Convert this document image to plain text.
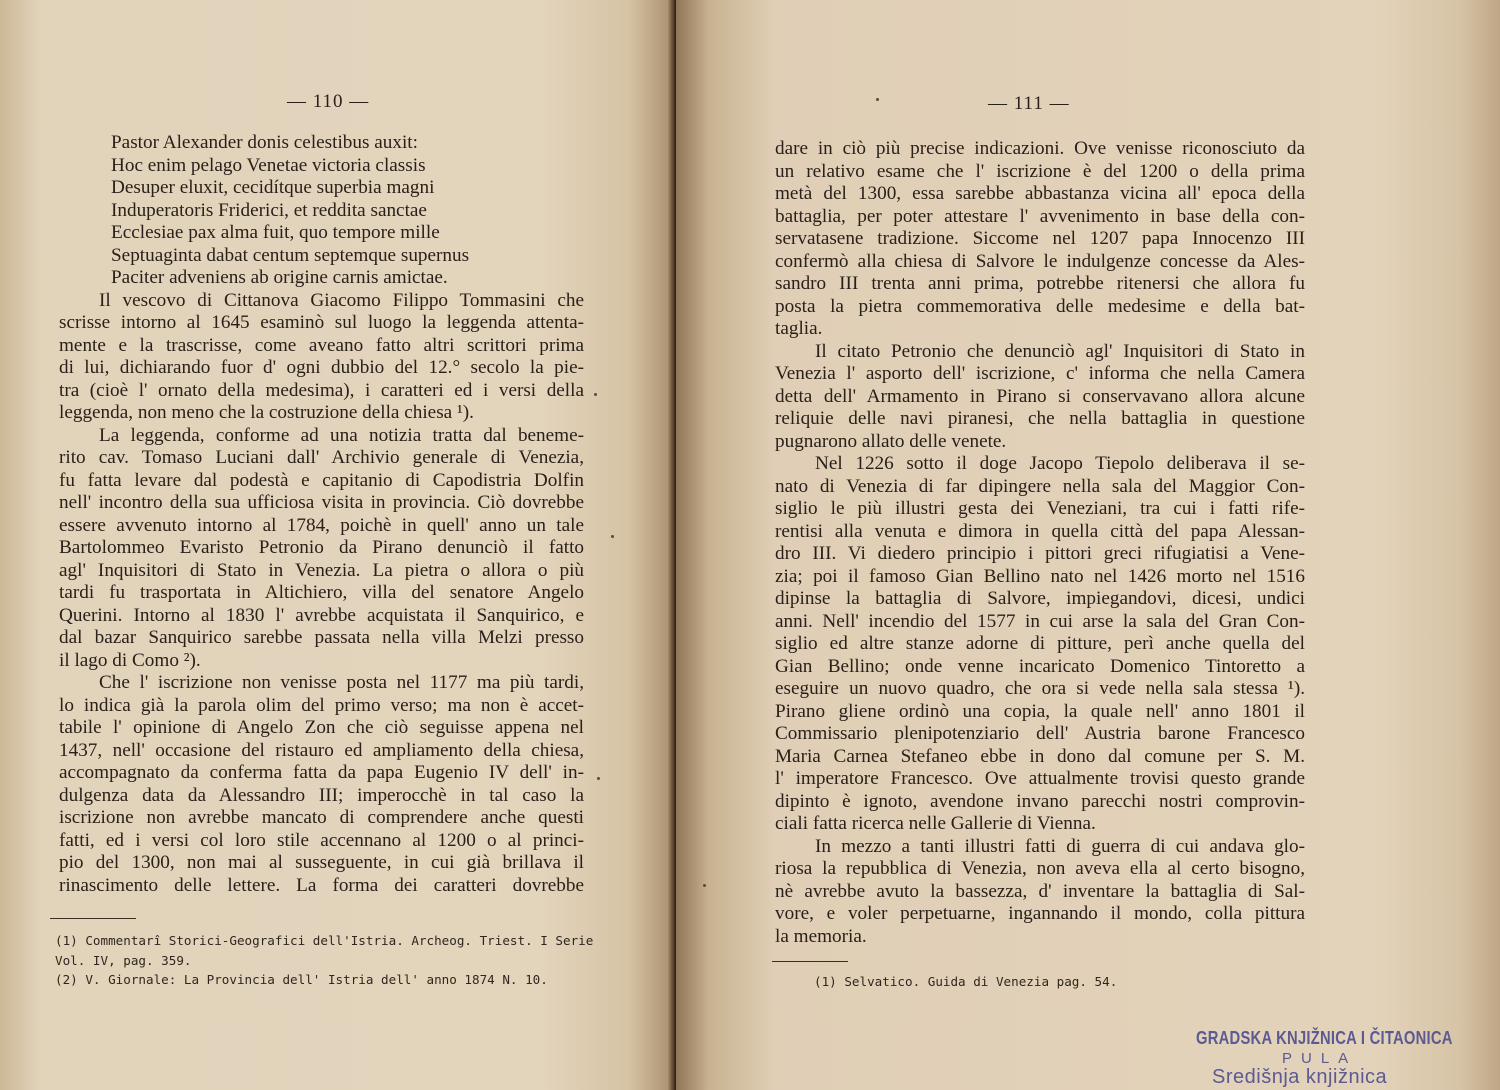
— 110 —
Pastor Alexander donis celestibus auxit:
Hoc enim pelago Venetae victoria classis
Desuper eluxit, cecidítque superbia magni
Induperatoris Friderici, et reddita sanctae
Ecclesiae pax alma fuit, quo tempore mille
Septuaginta dabat centum septemque supernus
Paciter adveniens ab origine carnis amictae.
Il vescovo di Cittanova Giacomo Filippo Tommasini che
scrisse intorno al 1645 esaminò sul luogo la leggenda attenta-
mente e la trascrisse, come aveano fatto altri scrittori prima
di lui, dichiarando fuor d' ogni dubbio del 12.° secolo la pie-
tra (cioè l' ornato della medesima), i caratteri ed i versi della
leggenda, non meno che la costruzione della chiesa ¹).
La leggenda, conforme ad una notizia tratta dal beneme-
rito cav. Tomaso Luciani dall' Archivio generale di Venezia,
fu fatta levare dal podestà e capitanio di Capodistria Dolfin
nell' incontro della sua ufficiosa visita in provincia. Ciò dovrebbe
essere avvenuto intorno al 1784, poichè in quell' anno un tale
Bartolommeo Evaristo Petronio da Pirano denunciò il fatto
agl' Inquisitori di Stato in Venezia. La pietra o allora o più
tardi fu trasportata in Altichiero, villa del senatore Angelo
Querini. Intorno al 1830 l' avrebbe acquistata il Sanquirico, e
dal bazar Sanquirico sarebbe passata nella villa Melzi presso
il lago di Como ²).
Che l' iscrizione non venisse posta nel 1177 ma più tardi,
lo indica già la parola olim del primo verso; ma non è accet-
tabile l' opinione di Angelo Zon che ciò seguisse appena nel
1437, nell' occasione del ristauro ed ampliamento della chiesa,
accompagnato da conferma fatta da papa Eugenio IV dell' in-
dulgenza data da Alessandro III; imperocchè in tal caso la
iscrizione non avrebbe mancato di comprendere anche questi
fatti, ed i versi col loro stile accennano al 1200 o al princi-
pio del 1300, non mai al susseguente, in cui già brillava il
rinascimento delle lettere. La forma dei caratteri dovrebbe
(1) Commentarî Storici-Geografici dell'Istria. Archeog. Triest. I Serie
Vol. IV, pag. 359.
(2) V. Giornale: La Provincia dell' Istria dell' anno 1874 N. 10.
— 111 —
dare in ciò più precise indicazioni. Ove venisse riconosciuto da
un relativo esame che l' iscrizione è del 1200 o della prima
metà del 1300, essa sarebbe abbastanza vicina all' epoca della
battaglia, per poter attestare l' avvenimento in base della con-
servatasene tradizione. Siccome nel 1207 papa Innocenzo III
confermò alla chiesa di Salvore le indulgenze concesse da Ales-
sandro III trenta anni prima, potrebbe ritenersi che allora fu
posta la pietra commemorativa delle medesime e della bat-
taglia.
Il citato Petronio che denunciò agl' Inquisitori di Stato in
Venezia l' asporto dell' iscrizione, c' informa che nella Camera
detta dell' Armamento in Pirano si conservavano allora alcune
reliquie delle navi piranesi, che nella battaglia in questione
pugnarono allato delle venete.
Nel 1226 sotto il doge Jacopo Tiepolo deliberava il se-
nato di Venezia di far dipingere nella sala del Maggior Con-
siglio le più illustri gesta dei Veneziani, tra cui i fatti rife-
rentisi alla venuta e dimora in quella città del papa Alessan-
dro III. Vi diedero principio i pittori greci rifugiatisi a Vene-
zia; poi il famoso Gian Bellino nato nel 1426 morto nel 1516
dipinse la battaglia di Salvore, impiegandovi, dicesi, undici
anni. Nell' incendio del 1577 in cui arse la sala del Gran Con-
siglio ed altre stanze adorne di pitture, perì anche quella del
Gian Bellino; onde venne incaricato Domenico Tintoretto a
eseguire un nuovo quadro, che ora si vede nella sala stessa ¹).
Pirano gliene ordinò una copia, la quale nell' anno 1801 il
Commissario plenipotenziario dell' Austria barone Francesco
Maria Carnea Stefaneo ebbe in dono dal comune per S. M.
l' imperatore Francesco. Ove attualmente trovisi questo grande
dipinto è ignoto, avendone invano parecchi nostri comprovin-
ciali fatta ricerca nelle Gallerie di Vienna.
In mezzo a tanti illustri fatti di guerra di cui andava glo-
riosa la repubblica di Venezia, non aveva ella al certo bisogno,
nè avrebbe avuto la bassezza, d' inventare la battaglia di Sal-
vore, e voler perpetuarne, ingannando il mondo, colla pittura
la memoria.
(1) Selvatico. Guida di Venezia pag. 54.
GRADSKA KNJIŽNICA I ČITAONICA
PULA
Središnja knjižnica
